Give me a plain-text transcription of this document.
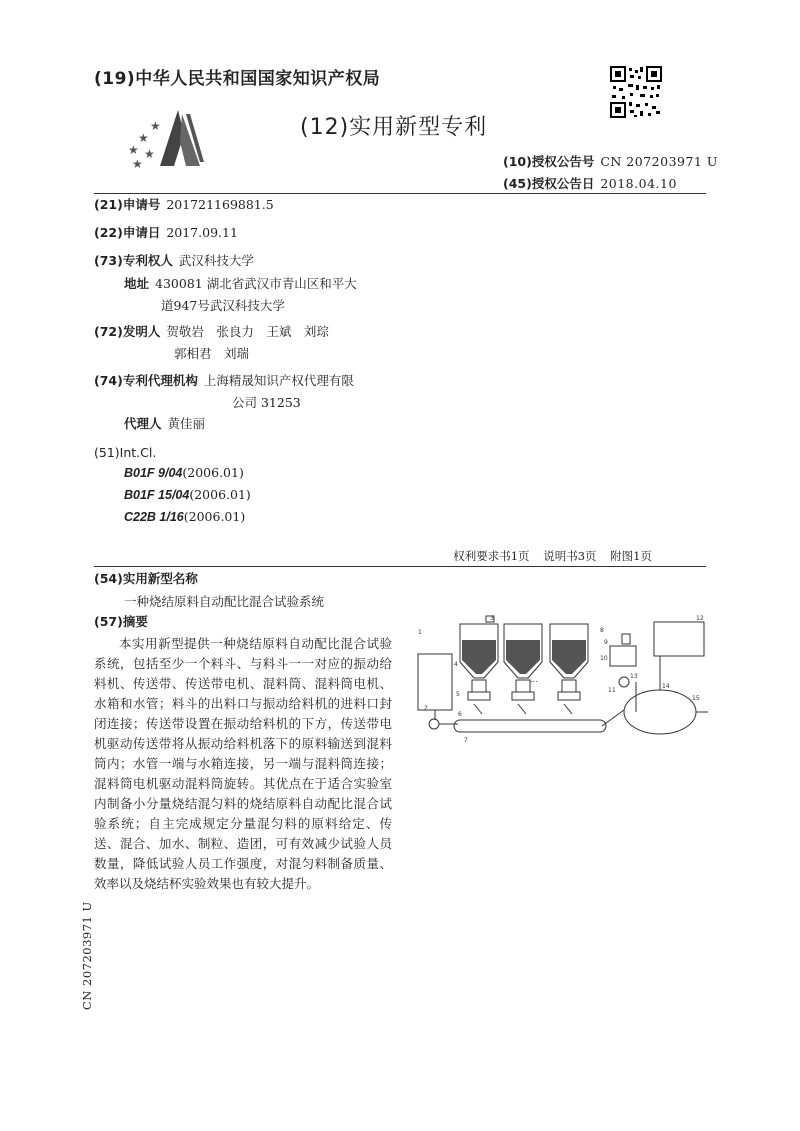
★
★ ★
★
★
(19)中华人民共和国国家知识产权局
(12)实用新型专利
(10)授权公告号 CN 207203971 U
(45)授权公告日 2018.04.10
(21)申请号 201721169881.5
(22)申请日 2017.09.11
(73)专利权人 武汉科技大学
地址 430081 湖北省武汉市青山区和平大
道947号武汉科技大学
(72)发明人 贺敬岩　张良力　王斌　刘琮
郭相君　刘瑞
(74)专利代理机构 上海精晟知识产权代理有限
公司 31253
代理人 黄佳丽
(51)Int.Cl.
B01F 9/04(2006.01)
B01F 15/04(2006.01)
C22B 1/16(2006.01)
权利要求书1页 说明书3页 附图1页
(54)实用新型名称
一种烧结原料自动配比混合试验系统
(57)摘要
本实用新型提供一种烧结原料自动配比混合试验系统，包括至少一个料斗、与料斗一一对应的振动给料机、传送带、传送带电机、混料筒、混料筒电机、水箱和水管；料斗的出料口与振动给料机的进料口封闭连接；传送带设置在振动给料机的下方，传送带电机驱动传送带将从振动给料机落下的原料输送到混料筒内；水管一端与水箱连接，另一端与混料筒连接；混料筒电机驱动混料筒旋转。其优点在于适合实验室内制备小分量烧结混匀料的烧结原料自动配比混合试验系统；自主完成规定分量混匀料的原料给定、传送、混合、加水、制粒、造团，可有效减少试验人员数量，降低试验人员工作强度，对混匀料制备质量、效率以及烧结杯实验效果也有较大提升。
...
1
2
3
4
5
6
7
8
9
10
11
12
13
14
15
CN 207203971 U
